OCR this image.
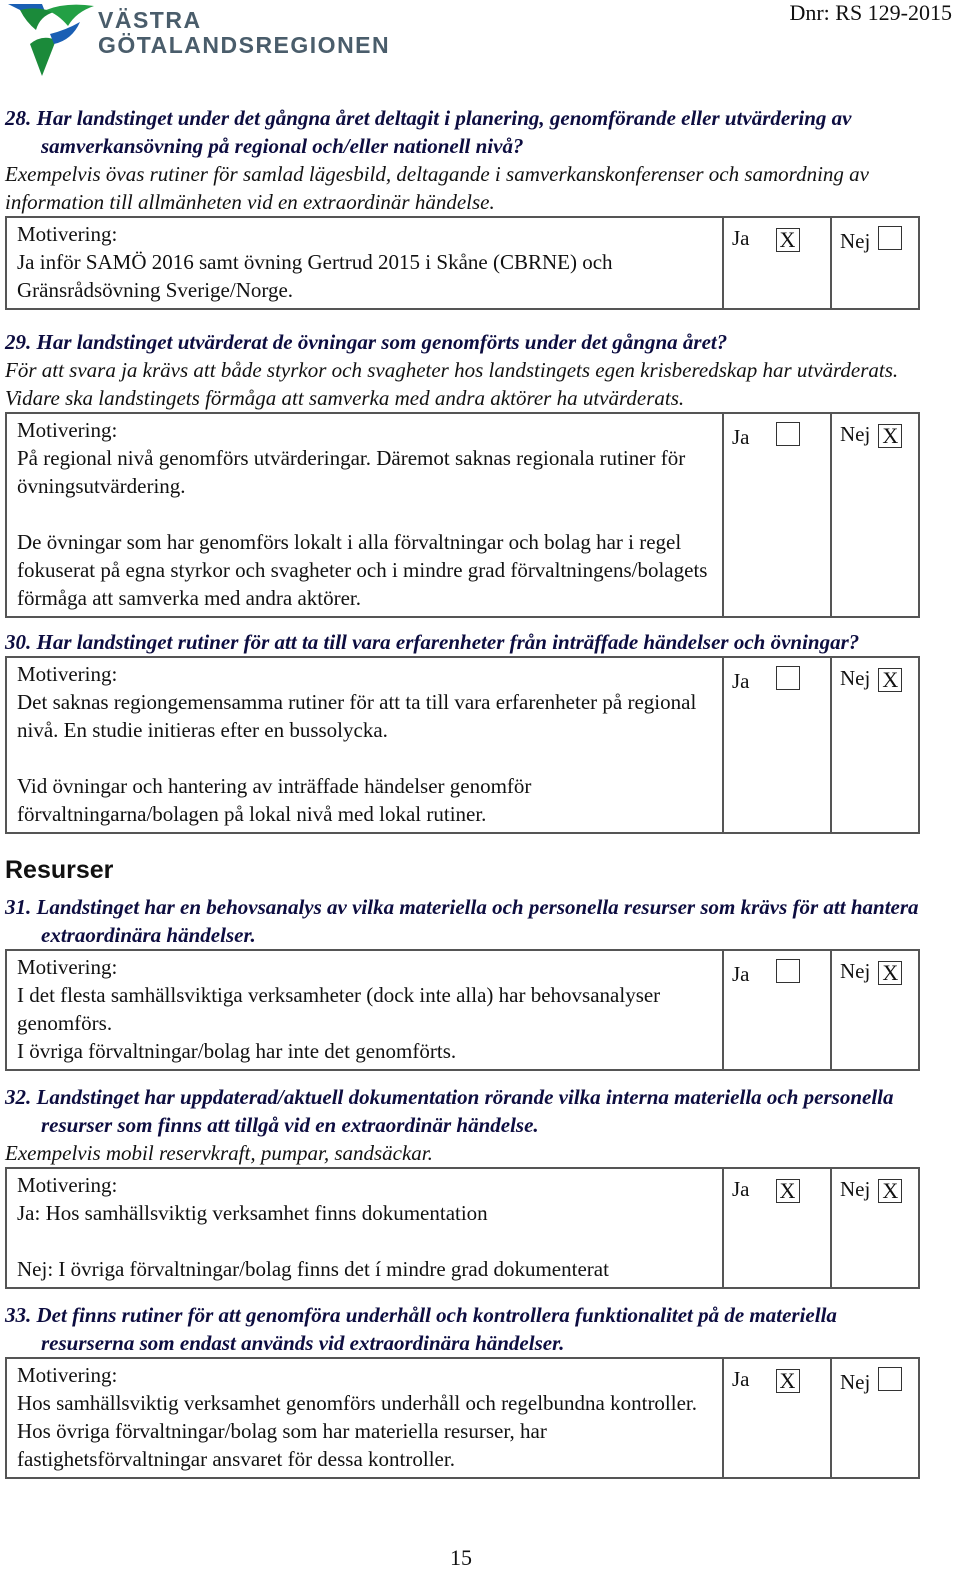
VÄSTRA
GÖTALANDSREGIONEN
Dnr: RS 129-2015

28. Har landstinget under det gångna året deltagit i planering, genomförande eller utvärdering av samverkansövning på regional och/eller nationell nivå?

Exempelvis övas rutiner för samlad lägesbild, deltagande i samverkanskonferenser och samordning av information till allmänheten vid en extraordinär händelse.

Motivering:

Ja inför SAMÖ 2016 samt övning Gertrud 2015 i Skåne (CBRNE) och Gränsrådsövning Sverige/Norge.

Ja X	Nej

29. Har landstinget utvärderat de övningar som genomförts under det gångna året?

För att svara ja krävs att både styrkor och svagheter hos landstingets egen krisberedskap har utvärderats. Vidare ska landstingets förmåga att samverka med andra aktörer ha utvärderats.

Motivering:

På regional nivå genomförs utvärderingar. Däremot saknas regionala rutiner för övningsutvärdering.

De övningar som har genomförs lokalt i alla förvaltningar och bolag har i regel fokuserat på egna styrkor och svagheter och i mindre grad förvaltningens/bolagets förmåga att samverka med andra aktörer.

Ja	Nej X

30. Har landstinget rutiner för att ta till vara erfarenheter från inträffade händelser och övningar?

Motivering:

Det saknas regiongemensamma rutiner för att ta till vara erfarenheter på regional nivå. En studie initieras efter en bussolycka.

Vid övningar och hantering av inträffade händelser genomför förvaltningarna/bolagen på lokal nivå med lokal rutiner.

Ja	Nej X
Resurser

31. Landstinget har en behovsanalys av vilka materiella och personella resurser som krävs för att hantera extraordinära händelser.

Motivering:

I det flesta samhällsviktiga verksamheter (dock inte alla) har behovsanalyser genomförs.

I övriga förvaltningar/bolag har inte det genomförts.

Ja	Nej X

32. Landstinget har uppdaterad/aktuell dokumentation rörande vilka interna materiella och personella resurser som finns att tillgå vid en extraordinär händelse.

Exempelvis mobil reservkraft, pumpar, sandsäckar.

Motivering:

Ja: Hos samhällsviktig verksamhet finns dokumentation

Nej: I övriga förvaltningar/bolag finns det í mindre grad dokumenterat

Ja X	Nej X

33. Det finns rutiner för att genomföra underhåll och kontrollera funktionalitet på de materiella resurserna som endast används vid extraordinära händelser.

Motivering:

Hos samhällsviktig verksamhet genomförs underhåll och regelbundna kontroller.

Hos övriga förvaltningar/bolag som har materiella resurser, har fastighetsförvaltningar ansvaret för dessa kontroller.

Ja X	Nej
15
